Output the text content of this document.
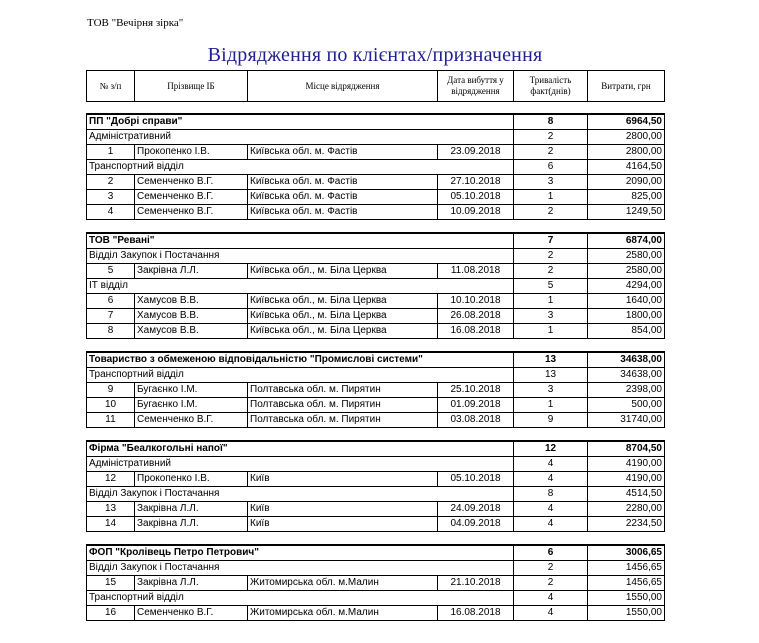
ТОВ "Вечірня зірка"
Відрядження по клієнтах/призначення
№ з/п	Прізвище ІБ	Місце відрядження	Дата вибуття у відрядження	Тривалість факт(днів)	Витрати, грн
ПП "Добрі справи"				8	6964,50
Адміністративний				2	2800,00
1	Прокопенко І.В.	Київська обл. м. Фастів	23.09.2018	2	2800,00
Транспортний відділ				6	4164,50
2	Семенченко В.Г.	Київська обл. м. Фастів	27.10.2018	3	2090,00
3	Семенченко В.Г.	Київська обл. м. Фастів	05.10.2018	1	825,00
4	Семенченко В.Г.	Київська обл. м. Фастів	10.09.2018	2	1249,50
ТОВ "Ревані"				7	6874,00
Відділ Закупок і Постачання				2	2580,00
5	Закрівна Л.Л.	Київська обл., м. Біла Церква	11.08.2018	2	2580,00
ІТ відділ				5	4294,00
6	Хамусов В.В.	Київська обл., м. Біла Церква	10.10.2018	1	1640,00
7	Хамусов В.В.	Київська обл., м. Біла Церква	26.08.2018	3	1800,00
8	Хамусов В.В.	Київська обл., м. Біла Церква	16.08.2018	1	854,00
Товариство з обмеженою відповідальністю "Промислові системи"				13	34638,00
Транспортний відділ				13	34638,00
9	Бугаєнко І.М.	Полтавська обл. м. Пирятин	25.10.2018	3	2398,00
10	Бугаєнко І.М.	Полтавська обл. м. Пирятин	01.09.2018	1	500,00
11	Семенченко В.Г.	Полтавська обл. м. Пирятин	03.08.2018	9	31740,00
Фірма "Беалкогольні напої"				12	8704,50
Адміністративний				4	4190,00
12	Прокопенко І.В.	Київ	05.10.2018	4	4190,00
Відділ Закупок і Постачання				8	4514,50
13	Закрівна Л.Л.	Київ	24.09.2018	4	2280,00
14	Закрівна Л.Л.	Київ	04.09.2018	4	2234,50
ФОП "Кролівець Петро Петрович"				6	3006,65
Відділ Закупок і Постачання				2	1456,65
15	Закрівна Л.Л.	Житомирська обл. м.Малин	21.10.2018	2	1456,65
Транспортний відділ				4	1550,00
16	Семенченко В.Г.	Житомирська обл. м.Малин	16.08.2018	4	1550,00
